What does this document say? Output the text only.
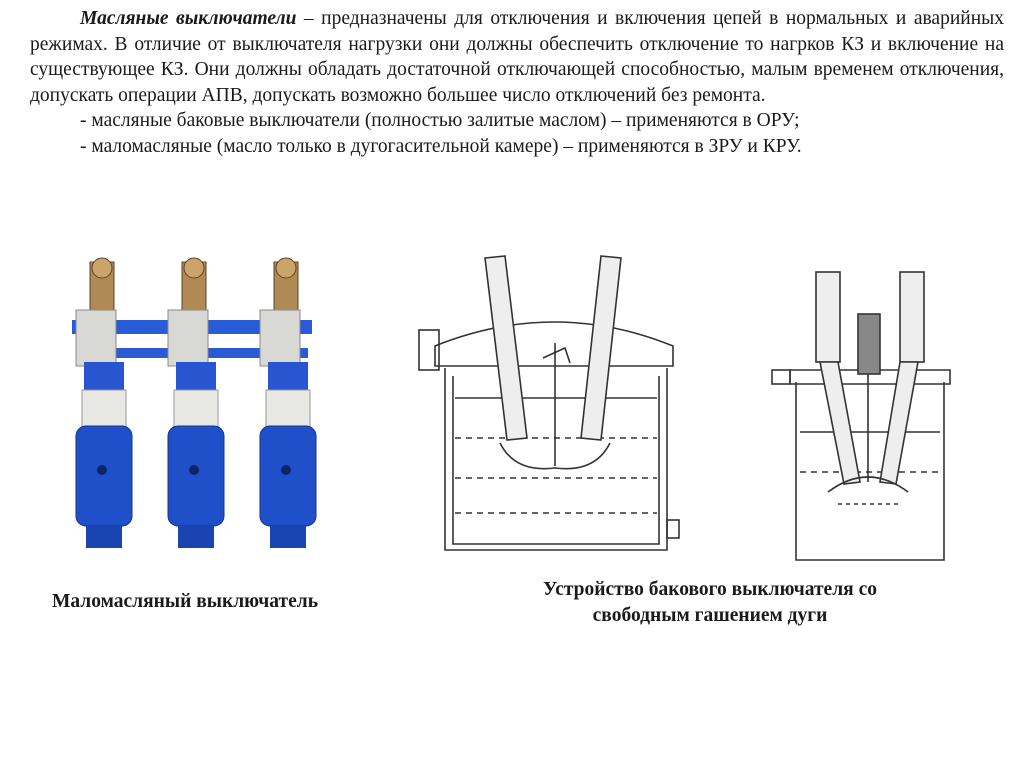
Масляные выключатели – предназначены для отключения и включения цепей в нормальных и аварийных режимах. В отличие от выключателя нагрузки они должны обеспечить отключение то нагрков КЗ и включение на существующее КЗ. Они должны обладать достаточной отключающей способностью, малым временем отключения, допускать операции АПВ, допускать возможно большее число отключений без ремонта.

- масляные баковые выключатели (полностью залитые маслом) – применяются в ОРУ;

- маломасляные (масло только в дугогасительной камере) – применяются в ЗРУ и КРУ.

Маломасляный выключатель
Устройство бакового выключателя со
свободным гашением дуги
